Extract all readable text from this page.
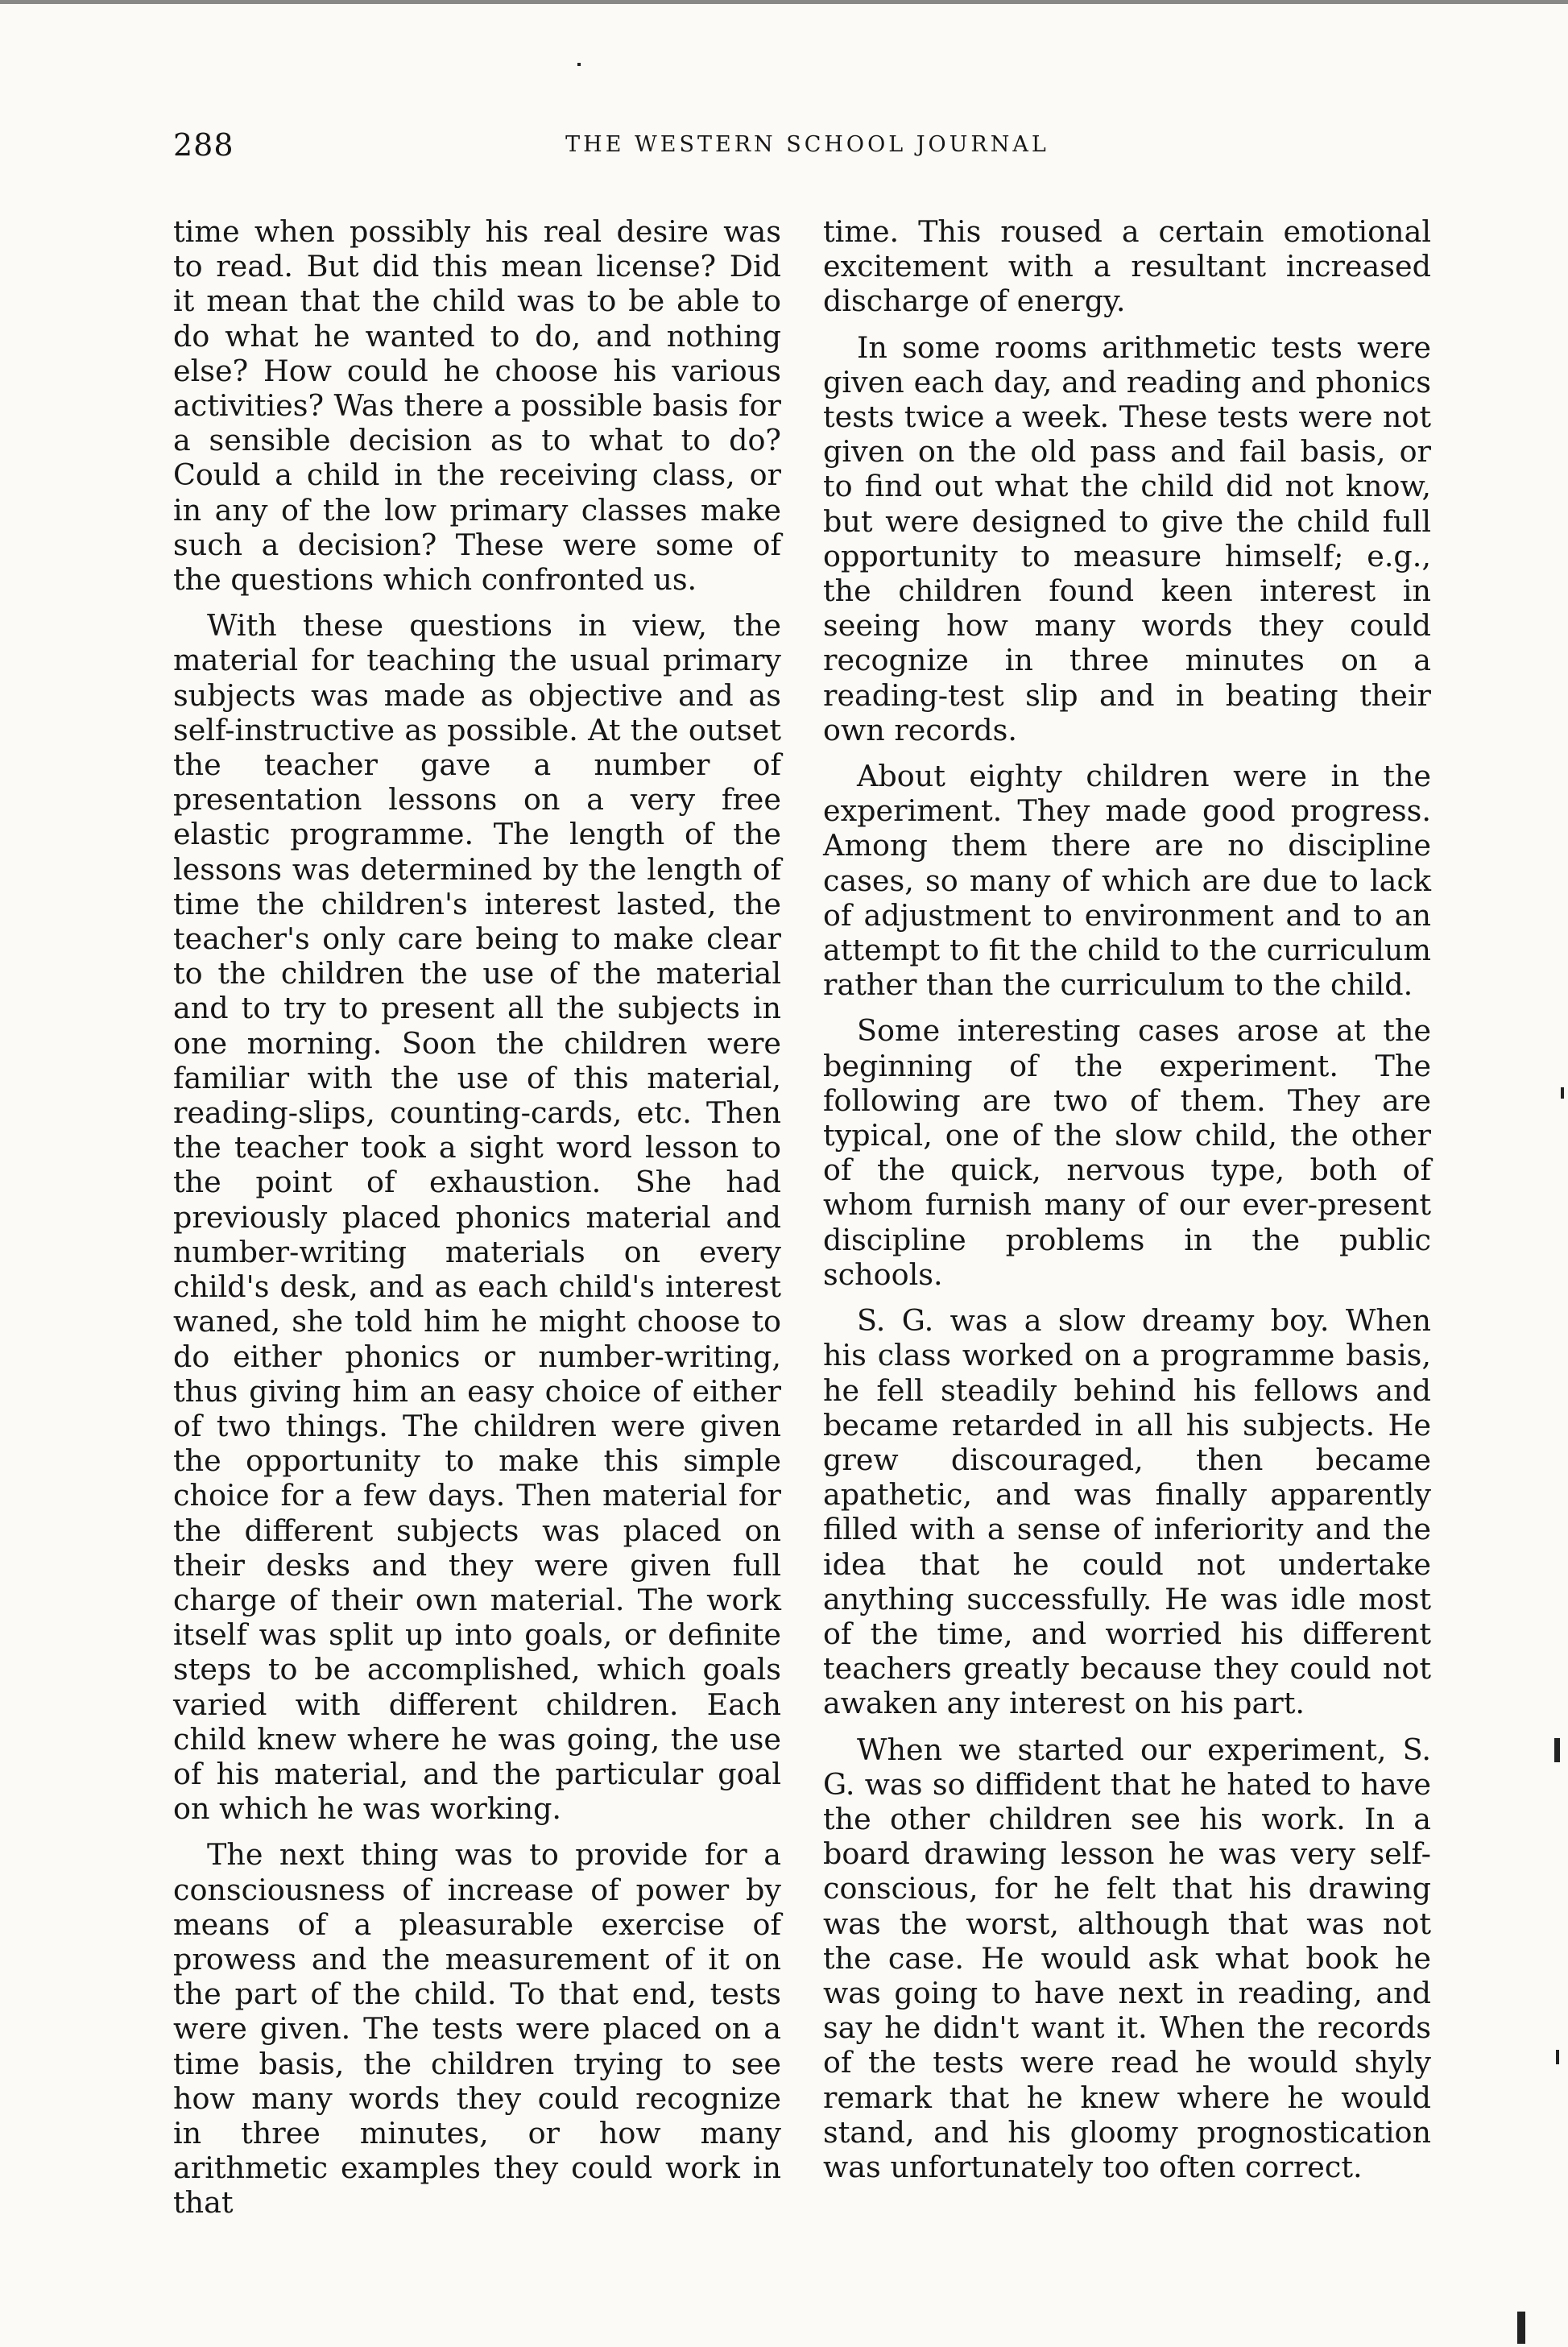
288	THE WESTERN SCHOOL JOURNAL

time when possibly his real desire was to read. But did this mean license? Did it mean that the child was to be able to do what he wanted to do, and nothing else? How could he choose his various activities? Was there a possible basis for a sensible decision as to what to do? Could a child in the receiving class, or in any of the low primary classes make such a decision? These were some of the questions which confronted us.

With these questions in view, the material for teaching the usual primary subjects was made as objective and as self-instructive as possible. At the outset the teacher gave a number of presentation lessons on a very free elastic programme. The length of the lessons was determined by the length of time the children's interest lasted, the teacher's only care being to make clear to the children the use of the material and to try to present all the subjects in one morning. Soon the children were familiar with the use of this material, reading-slips, counting-cards, etc. Then the teacher took a sight word lesson to the point of exhaustion. She had previously placed phonics material and number-writing materials on every child's desk, and as each child's interest waned, she told him he might choose to do either phonics or number-writing, thus giving him an easy choice of either of two things. The children were given the opportunity to make this simple choice for a few days. Then material for the different subjects was placed on their desks and they were given full charge of their own material. The work itself was split up into goals, or definite steps to be accomplished, which goals varied with different children. Each child knew where he was going, the use of his material, and the particular goal on which he was working.

The next thing was to provide for a consciousness of increase of power by means of a pleasurable exercise of prowess and the measurement of it on the part of the child. To that end, tests were given. The tests were placed on a time basis, the children trying to see how many words they could recognize in three minutes, or how many arithmetic examples they could work in that

time. This roused a certain emotional excitement with a resultant increased discharge of energy.

In some rooms arithmetic tests were given each day, and reading and phonics tests twice a week. These tests were not given on the old pass and fail basis, or to find out what the child did not know, but were designed to give the child full opportunity to measure himself; e.g., the children found keen interest in seeing how many words they could recognize in three minutes on a reading-test slip and in beating their own records.

About eighty children were in the experiment. They made good progress. Among them there are no discipline cases, so many of which are due to lack of adjustment to environment and to an attempt to fit the child to the curriculum rather than the curriculum to the child.

Some interesting cases arose at the beginning of the experiment. The following are two of them. They are typical, one of the slow child, the other of the quick, nervous type, both of whom furnish many of our ever-present discipline problems in the public schools.

S. G. was a slow dreamy boy. When his class worked on a programme basis, he fell steadily behind his fellows and became retarded in all his subjects. He grew discouraged, then became apathetic, and was finally apparently filled with a sense of inferiority and the idea that he could not undertake anything successfully. He was idle most of the time, and worried his different teachers greatly because they could not awaken any interest on his part.

When we started our experiment, S. G. was so diffident that he hated to have the other children see his work. In a board drawing lesson he was very self-conscious, for he felt that his drawing was the worst, although that was not the case. He would ask what book he was going to have next in reading, and say he didn't want it. When the records of the tests were read he would shyly remark that he knew where he would stand, and his gloomy prognostication was unfortunately too often correct.
